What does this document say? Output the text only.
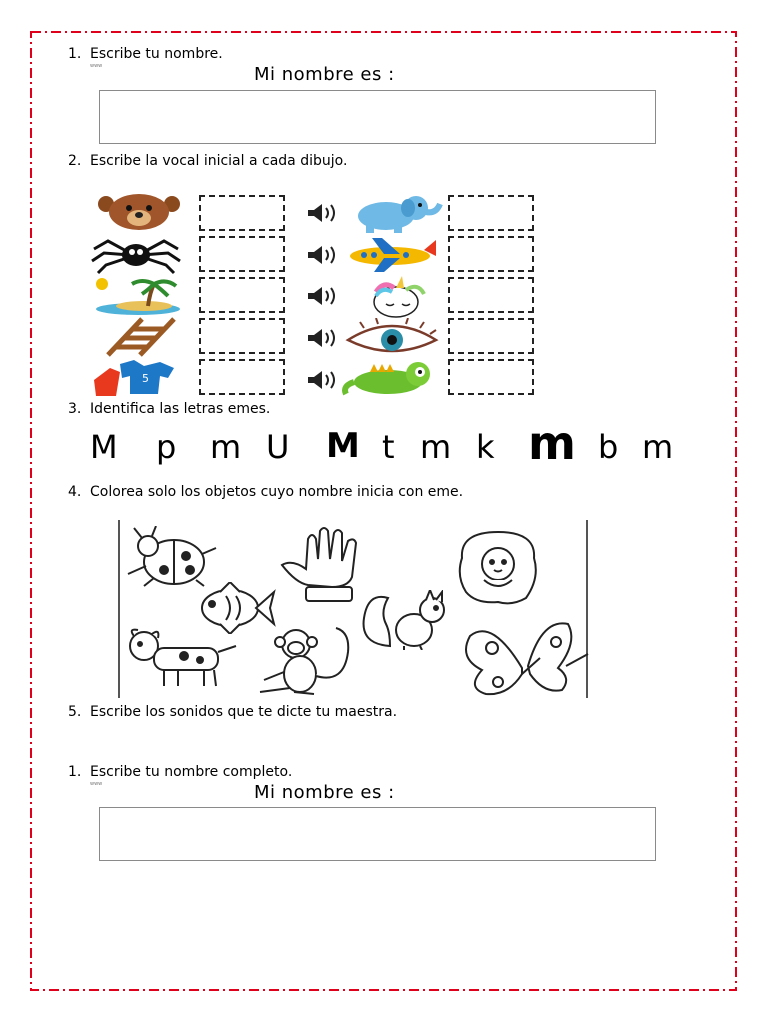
1. Escribe tu nombre.
www	Mi nombre es :
2. Escribe la vocal inicial a cada dibujo.
5
3. Identifica las letras emes.
M p m U M t m k m b m
4. Colorea solo los objetos cuyo nombre inicia con eme.
5. Escribe los sonidos que te dicte tu maestra.
1. Escribe tu nombre completo.
www	Mi nombre es :
